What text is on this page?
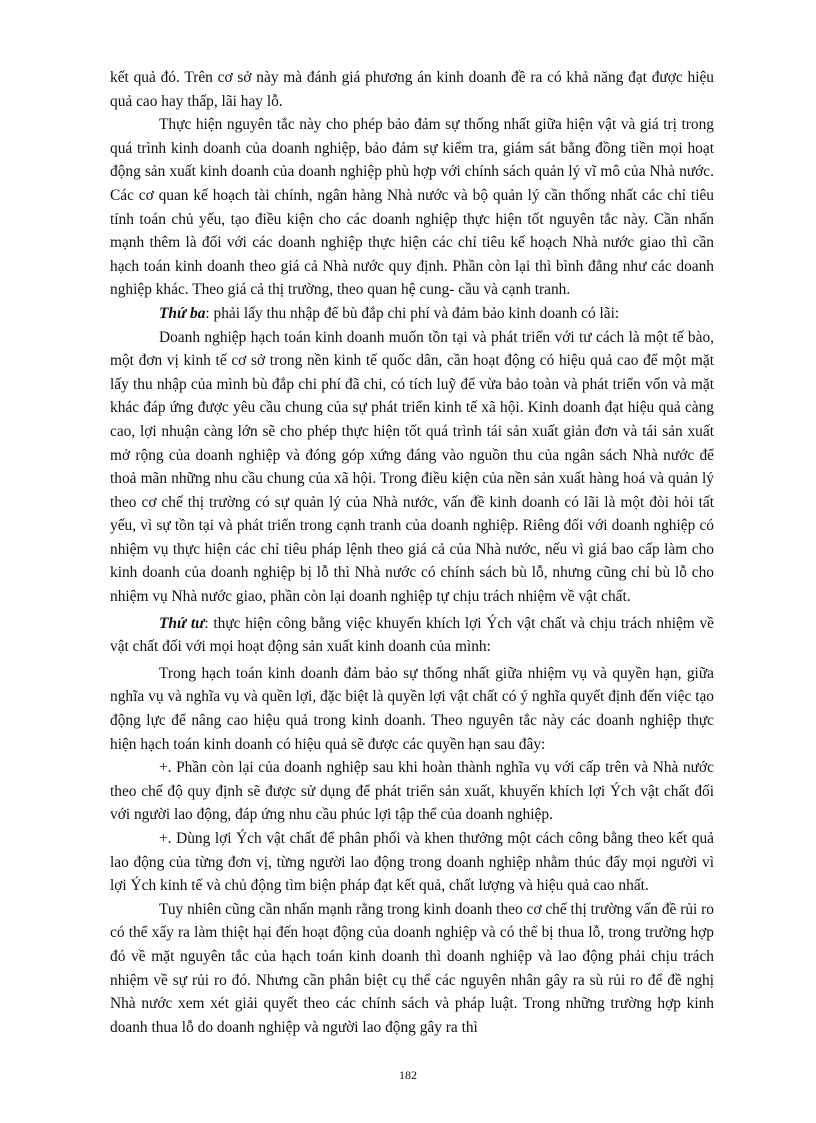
kết quả đó. Trên cơ sở này mà đánh giá phương án kinh doanh đề ra có khả năng đạt được hiệu quả cao hay thấp, lãi hay lỗ.

Thực hiện nguyên tắc này cho phép bảo đảm sự thống nhất giữa hiện vật và giá trị trong quá trình kinh doanh của doanh nghiệp, bảo đảm sự kiểm tra, giám sát bằng đồng tiền mọi hoạt động sản xuất kinh doanh của doanh nghiệp phù hợp với chính sách quản lý vĩ mô của Nhà nước. Các cơ quan kế hoạch tài chính, ngân hàng Nhà nước và bộ quản lý cần thống nhất các chỉ tiêu tính toán chủ yếu, tạo điều kiện cho các doanh nghiệp thực hiện tốt nguyên tắc này. Cần nhấn mạnh thêm là đối với các doanh nghiệp thực hiện các chỉ tiêu kế hoạch Nhà nước giao thì cần hạch toán kinh doanh theo giá cả Nhà nước quy định. Phần còn lại thì bình đẳng như các doanh nghiệp khác. Theo giá cả thị trường, theo quan hệ cung- cầu và cạnh tranh.

Thứ ba: phải lấy thu nhập để bù đắp chi phí và đảm bảo kinh doanh có lãi:

Doanh nghiệp hạch toán kinh doanh muốn tồn tại và phát triển với tư cách là một tế bào, một đơn vị kinh tế cơ sở trong nền kinh tế quốc dân, cần hoạt động có hiệu quả cao để một mặt lấy thu nhập của mình bù đắp chi phí đã chi, có tích luỹ để vừa bảo toàn và phát triển vốn và mặt khác đáp ứng được yêu cầu chung của sự phát triển kinh tế xã hội. Kinh doanh đạt hiệu quả càng cao, lợi nhuận càng lớn sẽ cho phép thực hiện tốt quá trình tái sản xuất giản đơn và tái sản xuất mở rộng của doanh nghiệp và đóng góp xứng đáng vào nguồn thu của ngân sách Nhà nước để thoả mãn những nhu cầu chung của xã hội. Trong điều kiện của nền sản xuất hàng hoá và quản lý theo cơ chế thị trường có sự quản lý của Nhà nước, vấn đề kinh doanh có lãi là một đòi hỏi tất yếu, vì sự tồn tại và phát triển trong cạnh tranh của doanh nghiệp. Riêng đối với doanh nghiệp có nhiệm vụ thực hiện các chỉ tiêu pháp lệnh theo giá cả của Nhà nước, nếu vì giá bao cấp làm cho kinh doanh của doanh nghiệp bị lỗ thì Nhà nước có chính sách bù lỗ, nhưng cũng chỉ bù lỗ cho nhiệm vụ Nhà nước giao, phần còn lại doanh nghiệp tự chịu trách nhiệm về vật chất.

Thứ tư: thực hiện công bằng việc khuyến khích lợi Ých vật chất và chịu trách nhiệm về vật chất đối với mọi hoạt động sản xuất kinh doanh của mình:

Trong hạch toán kinh doanh đảm bảo sự thống nhất giữa nhiệm vụ và quyền hạn, giữa nghĩa vụ và nghĩa vụ và quền lợi, đặc biệt là quyền lợi vật chất có ý nghĩa quyết định đến việc tạo động lực để nâng cao hiệu quả trong kinh doanh. Theo nguyên tắc này các doanh nghiệp thực hiện hạch toán kinh doanh có hiệu quả sẽ được các quyền hạn sau đây:

+. Phần còn lại của doanh nghiệp sau khi hoàn thành nghĩa vụ với cấp trên và Nhà nước theo chế độ quy định sẽ được sử dụng để phát triển sản xuất, khuyến khích lợi Ých vật chất đối với người lao động, đáp ứng nhu cầu phúc lợi tập thể của doanh nghiệp.

+. Dùng lợi Ých vật chất để phân phối và khen thưởng một cách công bằng theo kết quả lao động của từng đơn vị, từng người lao động trong doanh nghiệp nhằm thúc đẩy mọi người vì lợi Ých kinh tế và chủ động tìm biện pháp đạt kết quả, chất lượng và hiệu quả cao nhất.

Tuy nhiên cũng cần nhấn mạnh rằng trong kinh doanh theo cơ chế thị trường vấn đề rủi ro có thể xẩy ra làm thiệt hại đến hoạt động của doanh nghiệp và có thể bị thua lỗ, trong trường hợp đó về mặt nguyên tắc của hạch toán kinh doanh thì doanh nghiệp và lao động phải chịu trách nhiệm về sự rủi ro đó. Nhưng cần phân biệt cụ thể các nguyên nhân gây ra sù rủi ro để đề nghị Nhà nước xem xét giải quyết theo các chính sách và pháp luật. Trong những trường hợp kinh doanh thua lỗ do doanh nghiệp và người lao động gây ra thì

182
